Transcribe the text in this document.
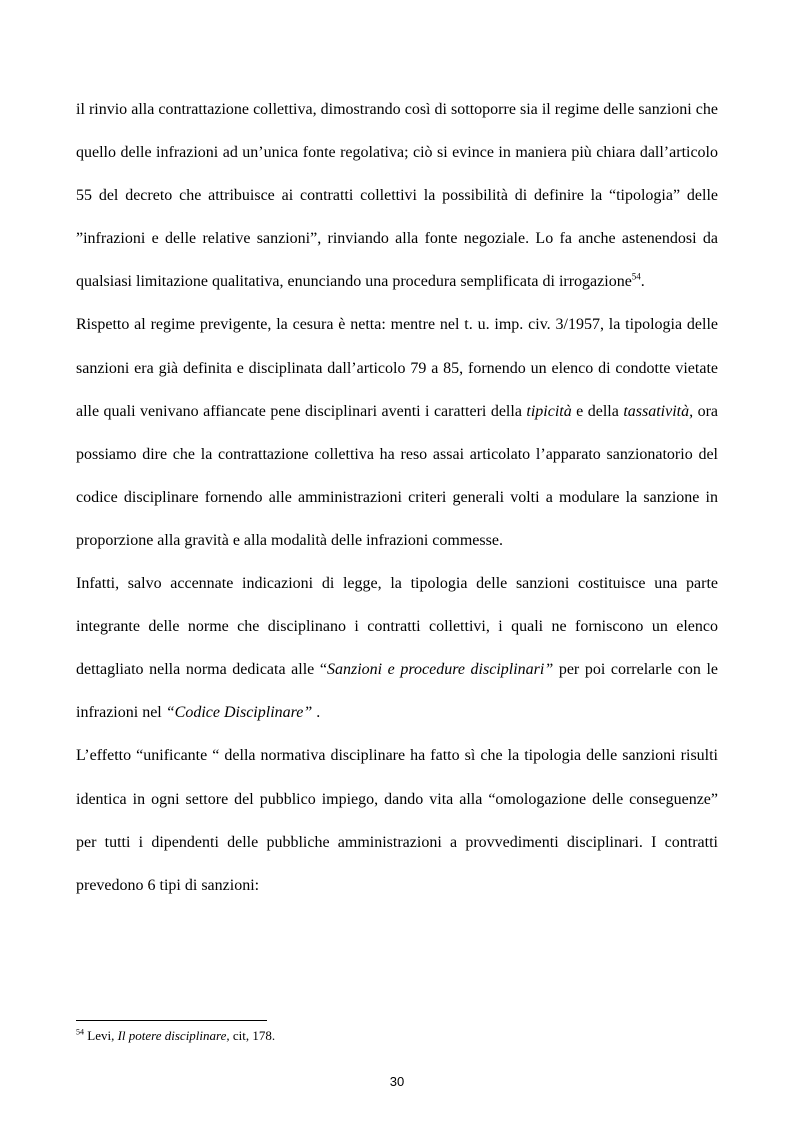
il rinvio alla contrattazione collettiva, dimostrando così di sottoporre sia il regime delle sanzioni che quello delle infrazioni ad un’unica fonte regolativa; ciò si evince in maniera più chiara dall’articolo 55 del decreto che attribuisce ai contratti collettivi la possibilità di definire la “tipologia” delle ”infrazioni e delle relative sanzioni”, rinviando alla fonte negoziale. Lo fa anche astenendosi da qualsiasi limitazione qualitativa, enunciando una procedura semplificata di irrogazione$^{54}$.

Rispetto al regime previgente, la cesura è netta: mentre nel t. u. imp. civ. 3/1957, la tipologia delle sanzioni era già definita e disciplinata dall’articolo 79 a 85, fornendo un elenco di condotte vietate alle quali venivano affiancate pene disciplinari aventi i caratteri della tipicità e della tassatività, ora possiamo dire che la contrattazione collettiva ha reso assai articolato l’apparato sanzionatorio del codice disciplinare fornendo alle amministrazioni criteri generali volti a modulare la sanzione in proporzione alla gravità e alla modalità delle infrazioni commesse.

Infatti, salvo accennate indicazioni di legge, la tipologia delle sanzioni costituisce una parte integrante delle norme che disciplinano i contratti collettivi, i quali ne forniscono un elenco dettagliato nella norma dedicata alle “Sanzioni e procedure disciplinari” per poi correlarle con le infrazioni nel “Codice Disciplinare” .

L’effetto “unificante “ della normativa disciplinare ha fatto sì che la tipologia delle sanzioni risulti identica in ogni settore del pubblico impiego, dando vita alla “omologazione delle conseguenze” per tutti i dipendenti delle pubbliche amministrazioni a provvedimenti disciplinari. I contratti prevedono 6 tipi di sanzioni:

$^{54}$ Levi, Il potere disciplinare, cit, 178.
30
